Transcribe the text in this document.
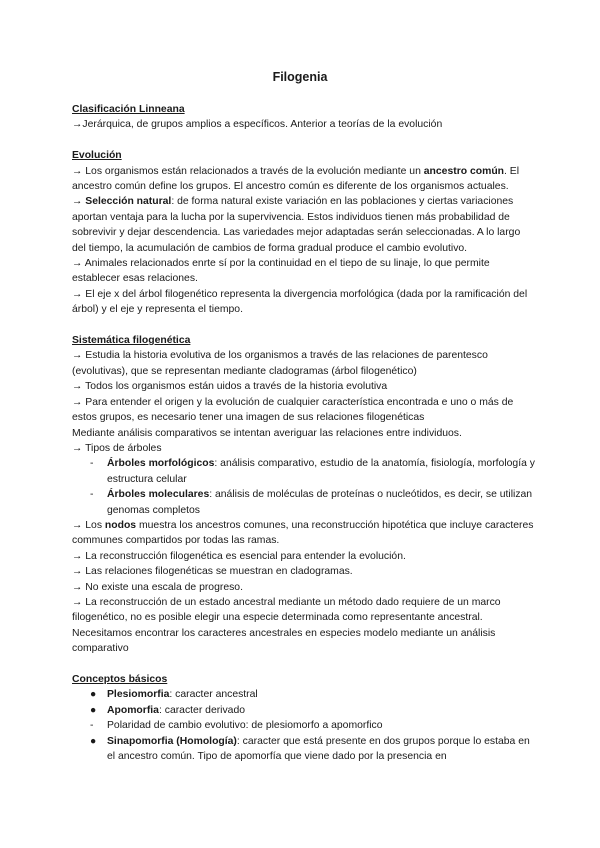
Filogenia
Clasificación Linneana
→Jerárquica, de grupos amplios a específicos. Anterior a teorías de la evolución
Evolución
→ Los organismos están relacionados a través de la evolución mediante un ancestro común. El ancestro común define los grupos. El ancestro común es diferente de los organismos actuales.
→ Selección natural: de forma natural existe variación en las poblaciones y ciertas variaciones aportan ventaja para la lucha por la supervivencia. Estos individuos tienen más probabilidad de sobrevivir y dejar descendencia. Las variedades mejor adaptadas serán seleccionadas. A lo largo del tiempo, la acumulación de cambios de forma gradual produce el cambio evolutivo.
→ Animales relacionados enrte sí por la continuidad en el tiepo de su linaje, lo que permite establecer esas relaciones.
→ El eje x del árbol filogenético representa la divergencia morfológica (dada por la ramificación del árbol) y el eje y representa el tiempo.
Sistemática filogenética
→ Estudia la historia evolutiva de los organismos a través de las relaciones de parentesco (evolutivas), que se representan mediante cladogramas (árbol filogenético)
→ Todos los organismos están uidos a través de la historia evolutiva
→ Para entender el origen y la evolución de cualquier característica encontrada e uno o más de estos grupos, es necesario tener una imagen de sus relaciones filogenéticas
Mediante análisis comparativos se intentan averiguar las relaciones entre individuos.
→ Tipos de árboles
- Árboles morfológicos: análisis comparativo, estudio de la anatomía, fisiología, morfología y estructura celular
- Árboles moleculares: análisis de moléculas de proteínas o nucleótidos, es decir, se utilizan genomas completos
→ Los nodos muestra los ancestros comunes, una reconstrucción hipotética que incluye caracteres communes compartidos por todas las ramas.
→ La reconstrucción filogenética es esencial para entender la evolución.
→ Las relaciones filogenéticas se muestran en cladogramas.
→ No existe una escala de progreso.
→ La reconstrucción de un estado ancestral mediante un método dado requiere de un marco filogenético, no es posible elegir una especie determinada como representante ancestral. Necesitamos encontrar los caracteres ancestrales en especies modelo mediante un análisis comparativo
Conceptos básicos
● Plesiomorfia: caracter ancestral
● Apomorfia: caracter derivado
- Polaridad de cambio evolutivo: de plesiomorfo a apomorfico
● Sinapomorfia (Homología): caracter que está presente en dos grupos porque lo estaba en el ancestro común. Tipo de apomorfía que viene dado por la presencia en
